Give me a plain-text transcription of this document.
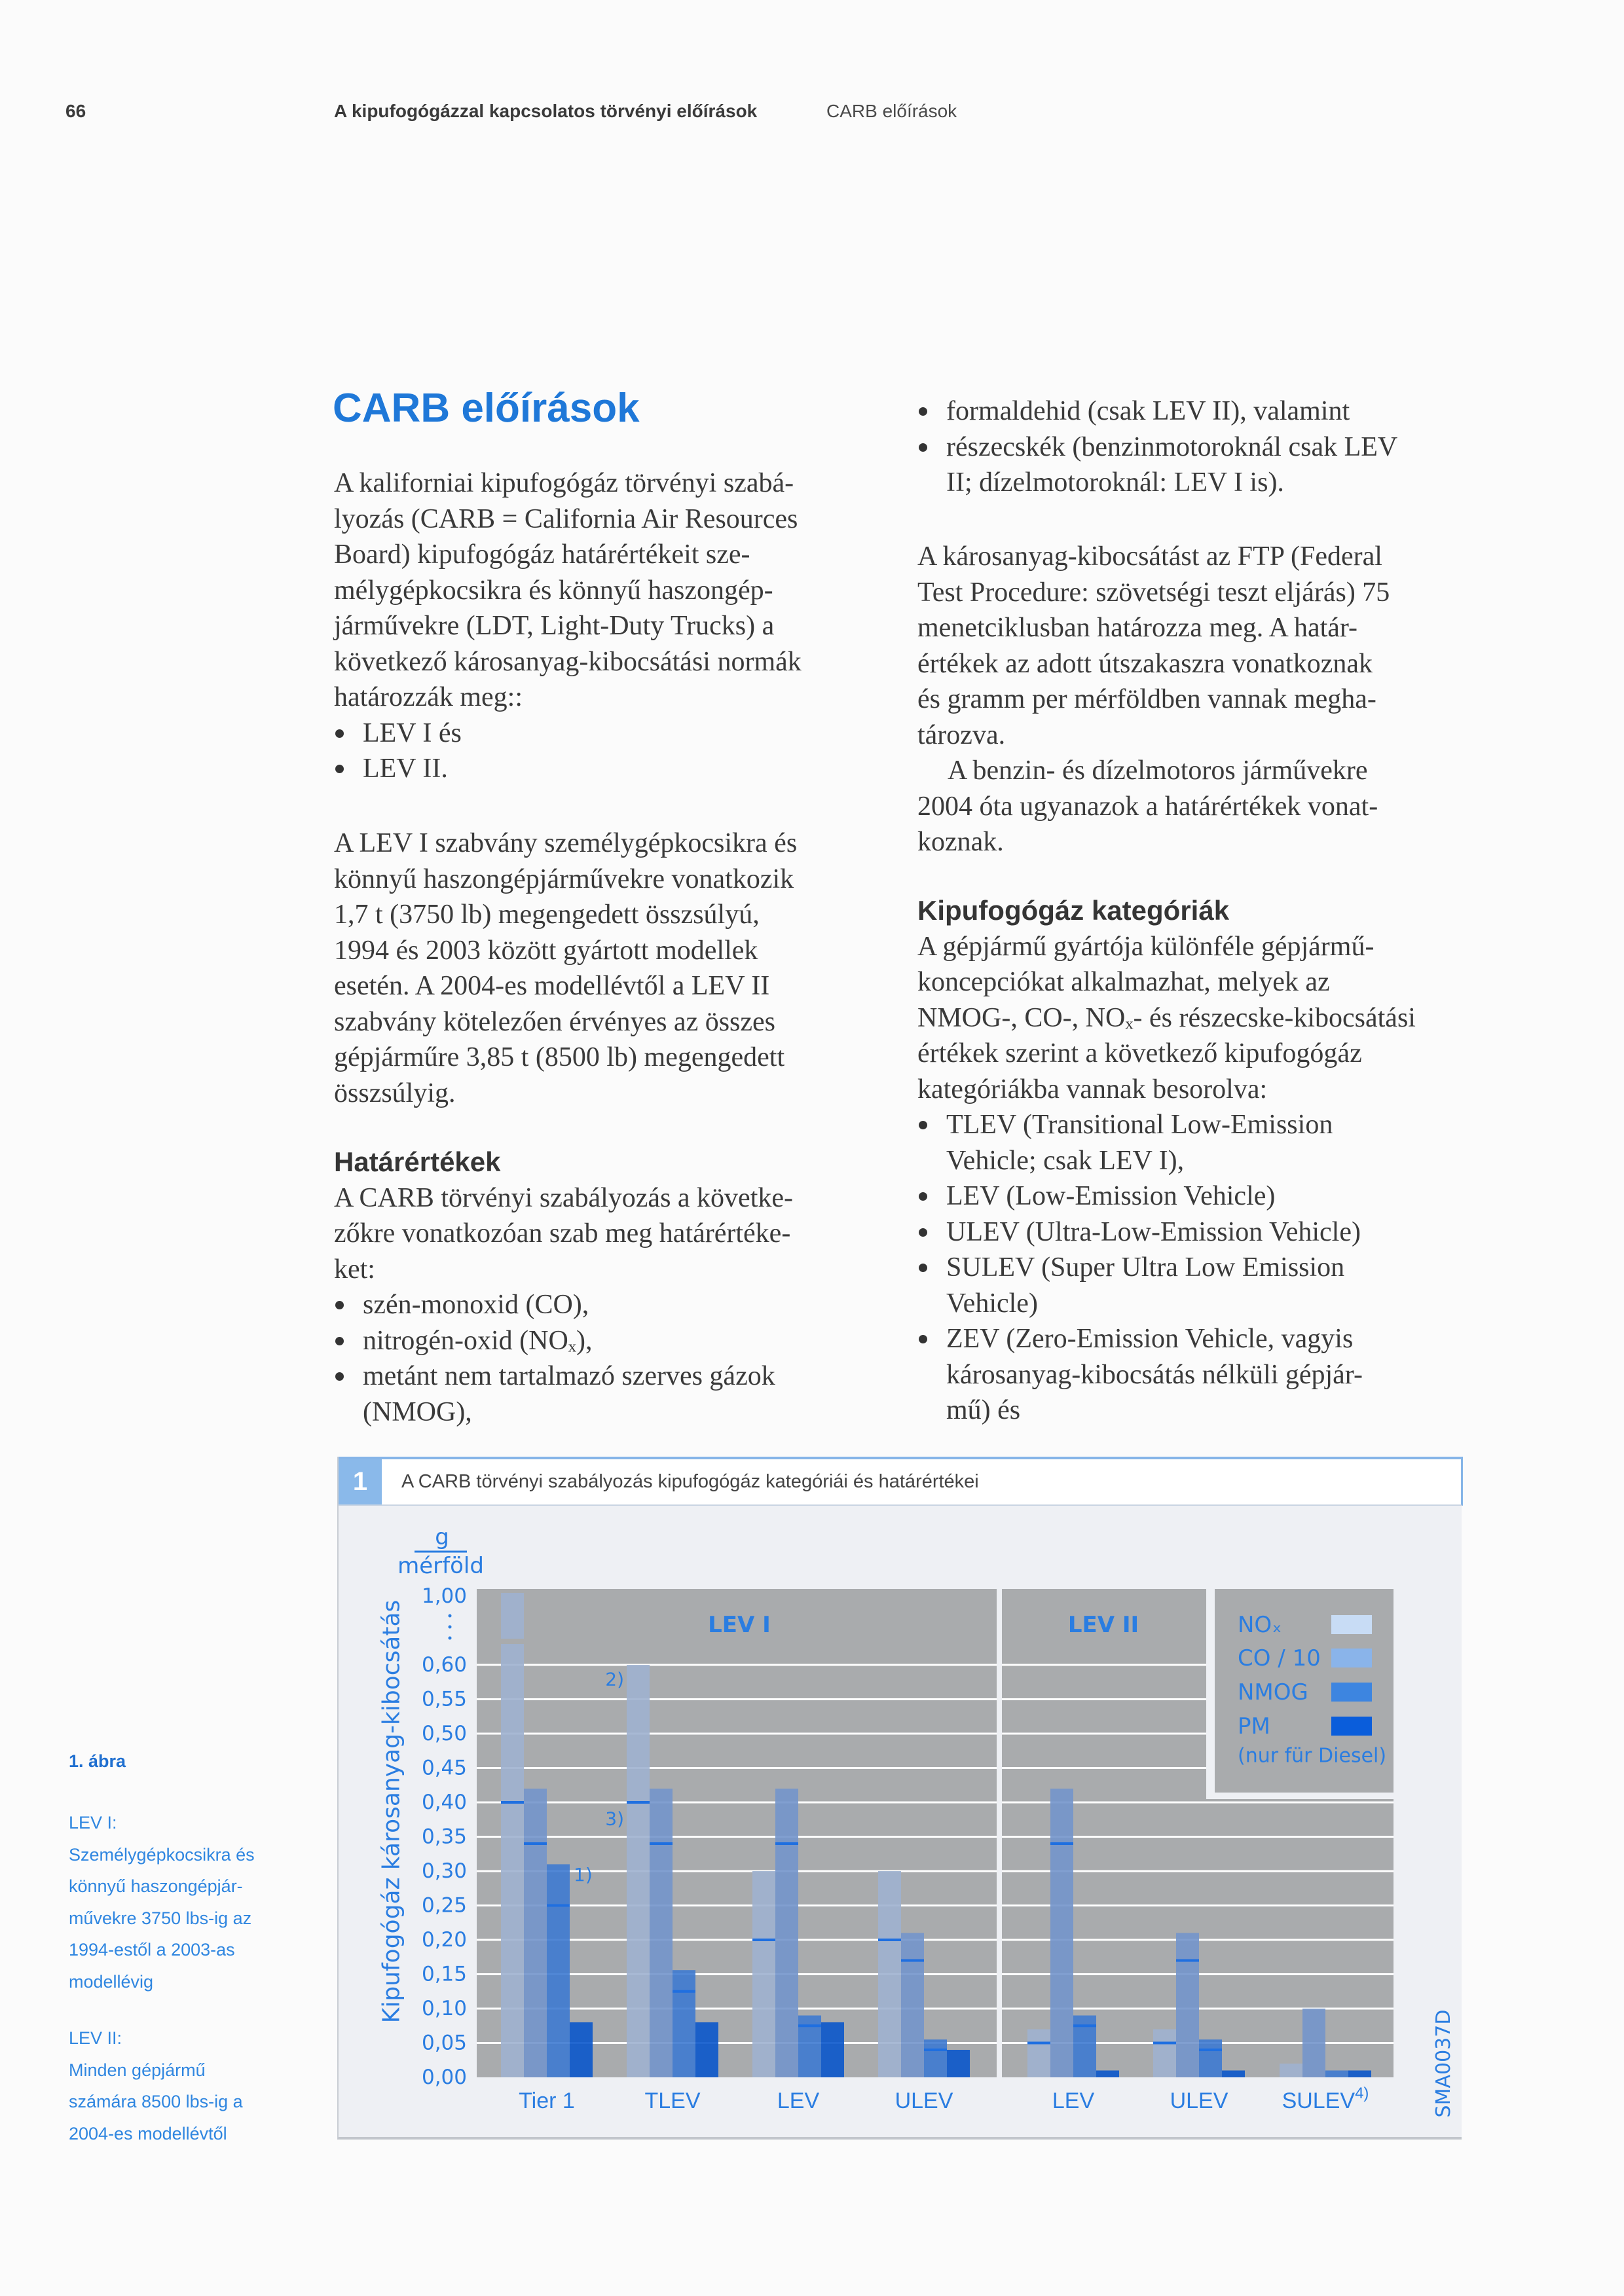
66	A kipufogógázzal kapcsolatos törvényi előírások	CARB előírások
CARB előírások
A kaliforniai kipufogógáz törvényi szabá-
lyozás (CARB = California Air Resources
Board) kipufogógáz határértékeit sze-
mélygépkocsikra és könnyű haszongép-
járművekre (LDT, Light-Duty Trucks) a
következő károsanyag-kibocsátási normák
határozzák meg::
LEV I és
LEV II.
A LEV I szabvány személygépkocsikra és
könnyű haszongépjárművekre vonatkozik
1,7 t (3750 lb) megengedett összsúlyú,
1994 és 2003 között gyártott modellek
esetén. A 2004-es modellévtől a LEV II
szabvány kötelezően érvényes az összes
gépjárműre 3,85 t (8500 lb) megengedett
összsúlyig.
Határértékek
A CARB törvényi szabályozás a követke-
zőkre vonatkozóan szab meg határértéke-
ket:
szén-monoxid (CO),
nitrogén-oxid (NOₓ),
metánt nem tartalmazó szerves gázok
(NMOG),
formaldehid (csak LEV II), valamint
részecskék (benzinmotoroknál csak LEV
II; dízelmotoroknál: LEV I is).
A károsanyag-kibocsátást az FTP (Federal
Test Procedure: szövetségi teszt eljárás) 75
menetciklusban határozza meg. A határ-
értékek az adott útszakaszra vonatkoznak
és gramm per mérföldben vannak megha-
tározva.
A benzin- és dízelmotoros járművekre
2004 óta ugyanazok a határértékek vonat-
koznak.
Kipufogógáz kategóriák
A gépjármű gyártója különféle gépjármű-
koncepciókat alkalmazhat, melyek az
NMOG-, CO-, NOₓ- és részecske-kibocsátási
értékek szerint a következő kipufogógáz
kategóriákba vannak besorolva:
TLEV (Transitional Low-Emission
Vehicle; csak LEV I),
LEV (Low-Emission Vehicle)
ULEV (Ultra-Low-Emission Vehicle)
SULEV (Super Ultra Low Emission
Vehicle)
ZEV (Zero-Emission Vehicle, vagyis
károsanyag-kibocsátás nélküli gépjár-
mű) és
1. ábra
LEV I:
Személygépkocsikra és
könnyű haszongépjár-
művekre 3750 lbs-ig az
1994-estől a 2003-as
modellévig
LEV II:
Minden gépjármű
számára 8500 lbs-ig a
2004-es modellévtől
1	A CARB törvényi szabályozás kipufogógáz kategóriái és határértékei
0,00
0,05
0,10
0,15
0,20
0,25
0,30
0,35
0,40
0,45
0,50
0,55
0,60
1,00
g
mérföld
Kipufogógáz károsanyag-kibocsátás
Tier 1	TLEV	LEV	ULEV	LEV	ULEV SULEV$^{4)}$
LEV I	LEV II
1)
2)
3)
NOₓ
CO / 10
NMOG
PM
(nur für Diesel)
SMA0037D
